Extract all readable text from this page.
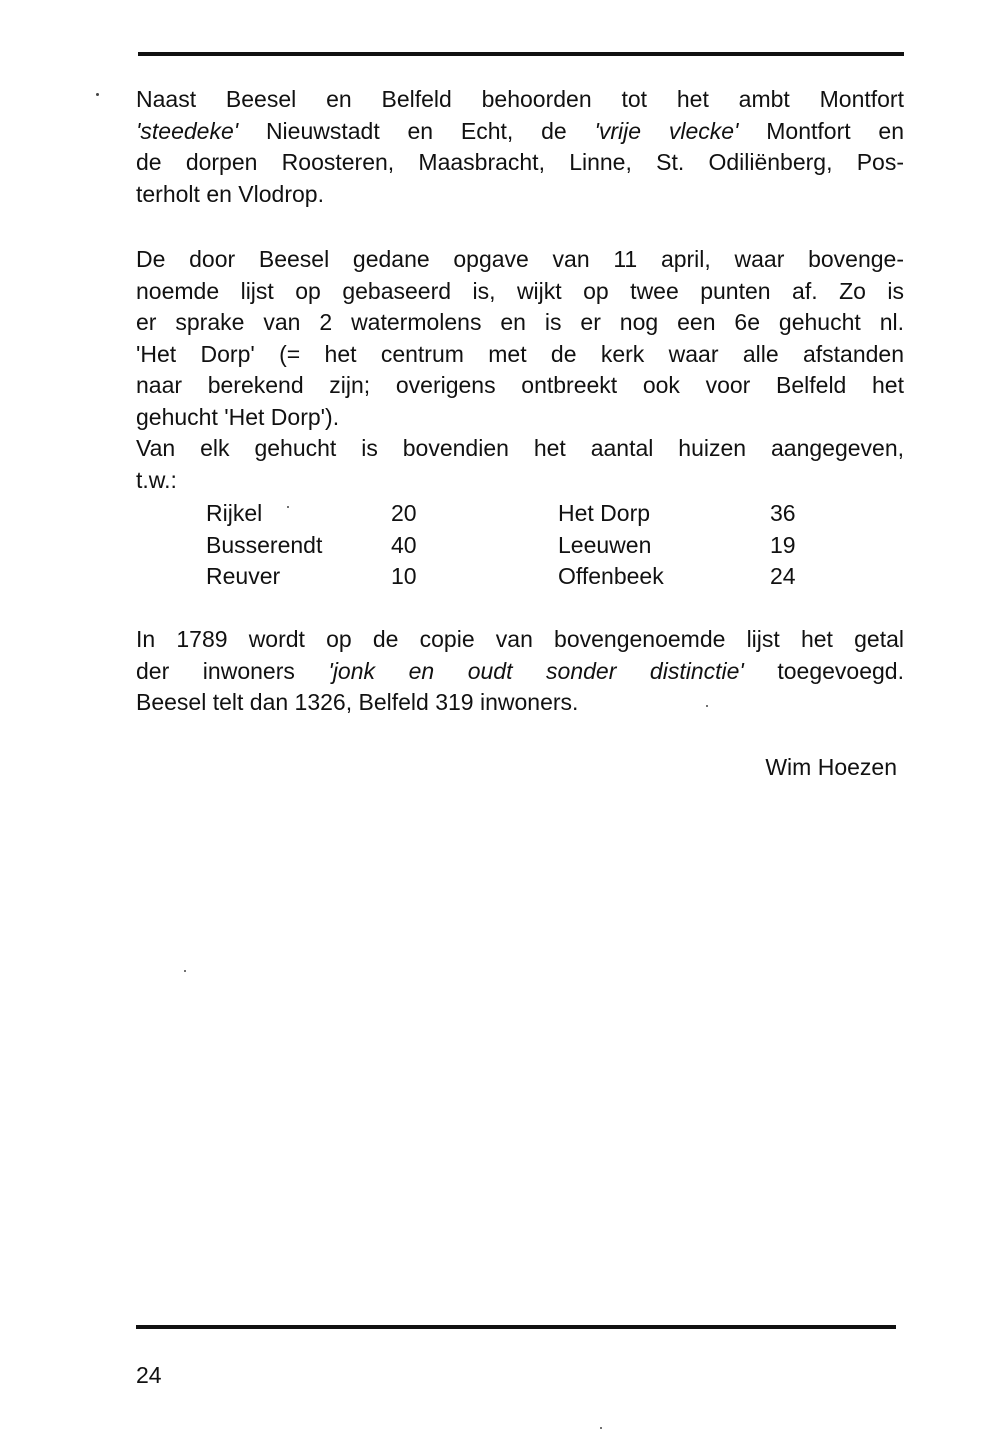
Naast Beesel en Belfeld behoorden tot het ambt Montfort
'steedeke' Nieuwstadt en Echt, de 'vrije vlecke' Montfort en
de dorpen Roosteren, Maasbracht, Linne, St. Odiliënberg, Pos-
terholt en Vlodrop.
De door Beesel gedane opgave van 11 april, waar bovenge-
noemde lijst op gebaseerd is, wijkt op twee punten af. Zo is
er sprake van 2 watermolens en is er nog een 6e gehucht nl.
'Het Dorp' (= het centrum met de kerk waar alle afstanden
naar berekend zijn; overigens ontbreekt ook voor Belfeld het
gehucht 'Het Dorp').
Van elk gehucht is bovendien het aantal huizen aangegeven,
t.w.:
Rijkel	20	Het Dorp	36
Busserendt	40	Leeuwen	19
Reuver	10	Offenbeek	24
In 1789 wordt op de copie van bovengenoemde lijst het getal
der inwoners 'jonk en oudt sonder distinctie' toegevoegd.
Beesel telt dan 1326, Belfeld 319 inwoners.
Wim Hoezen
24
